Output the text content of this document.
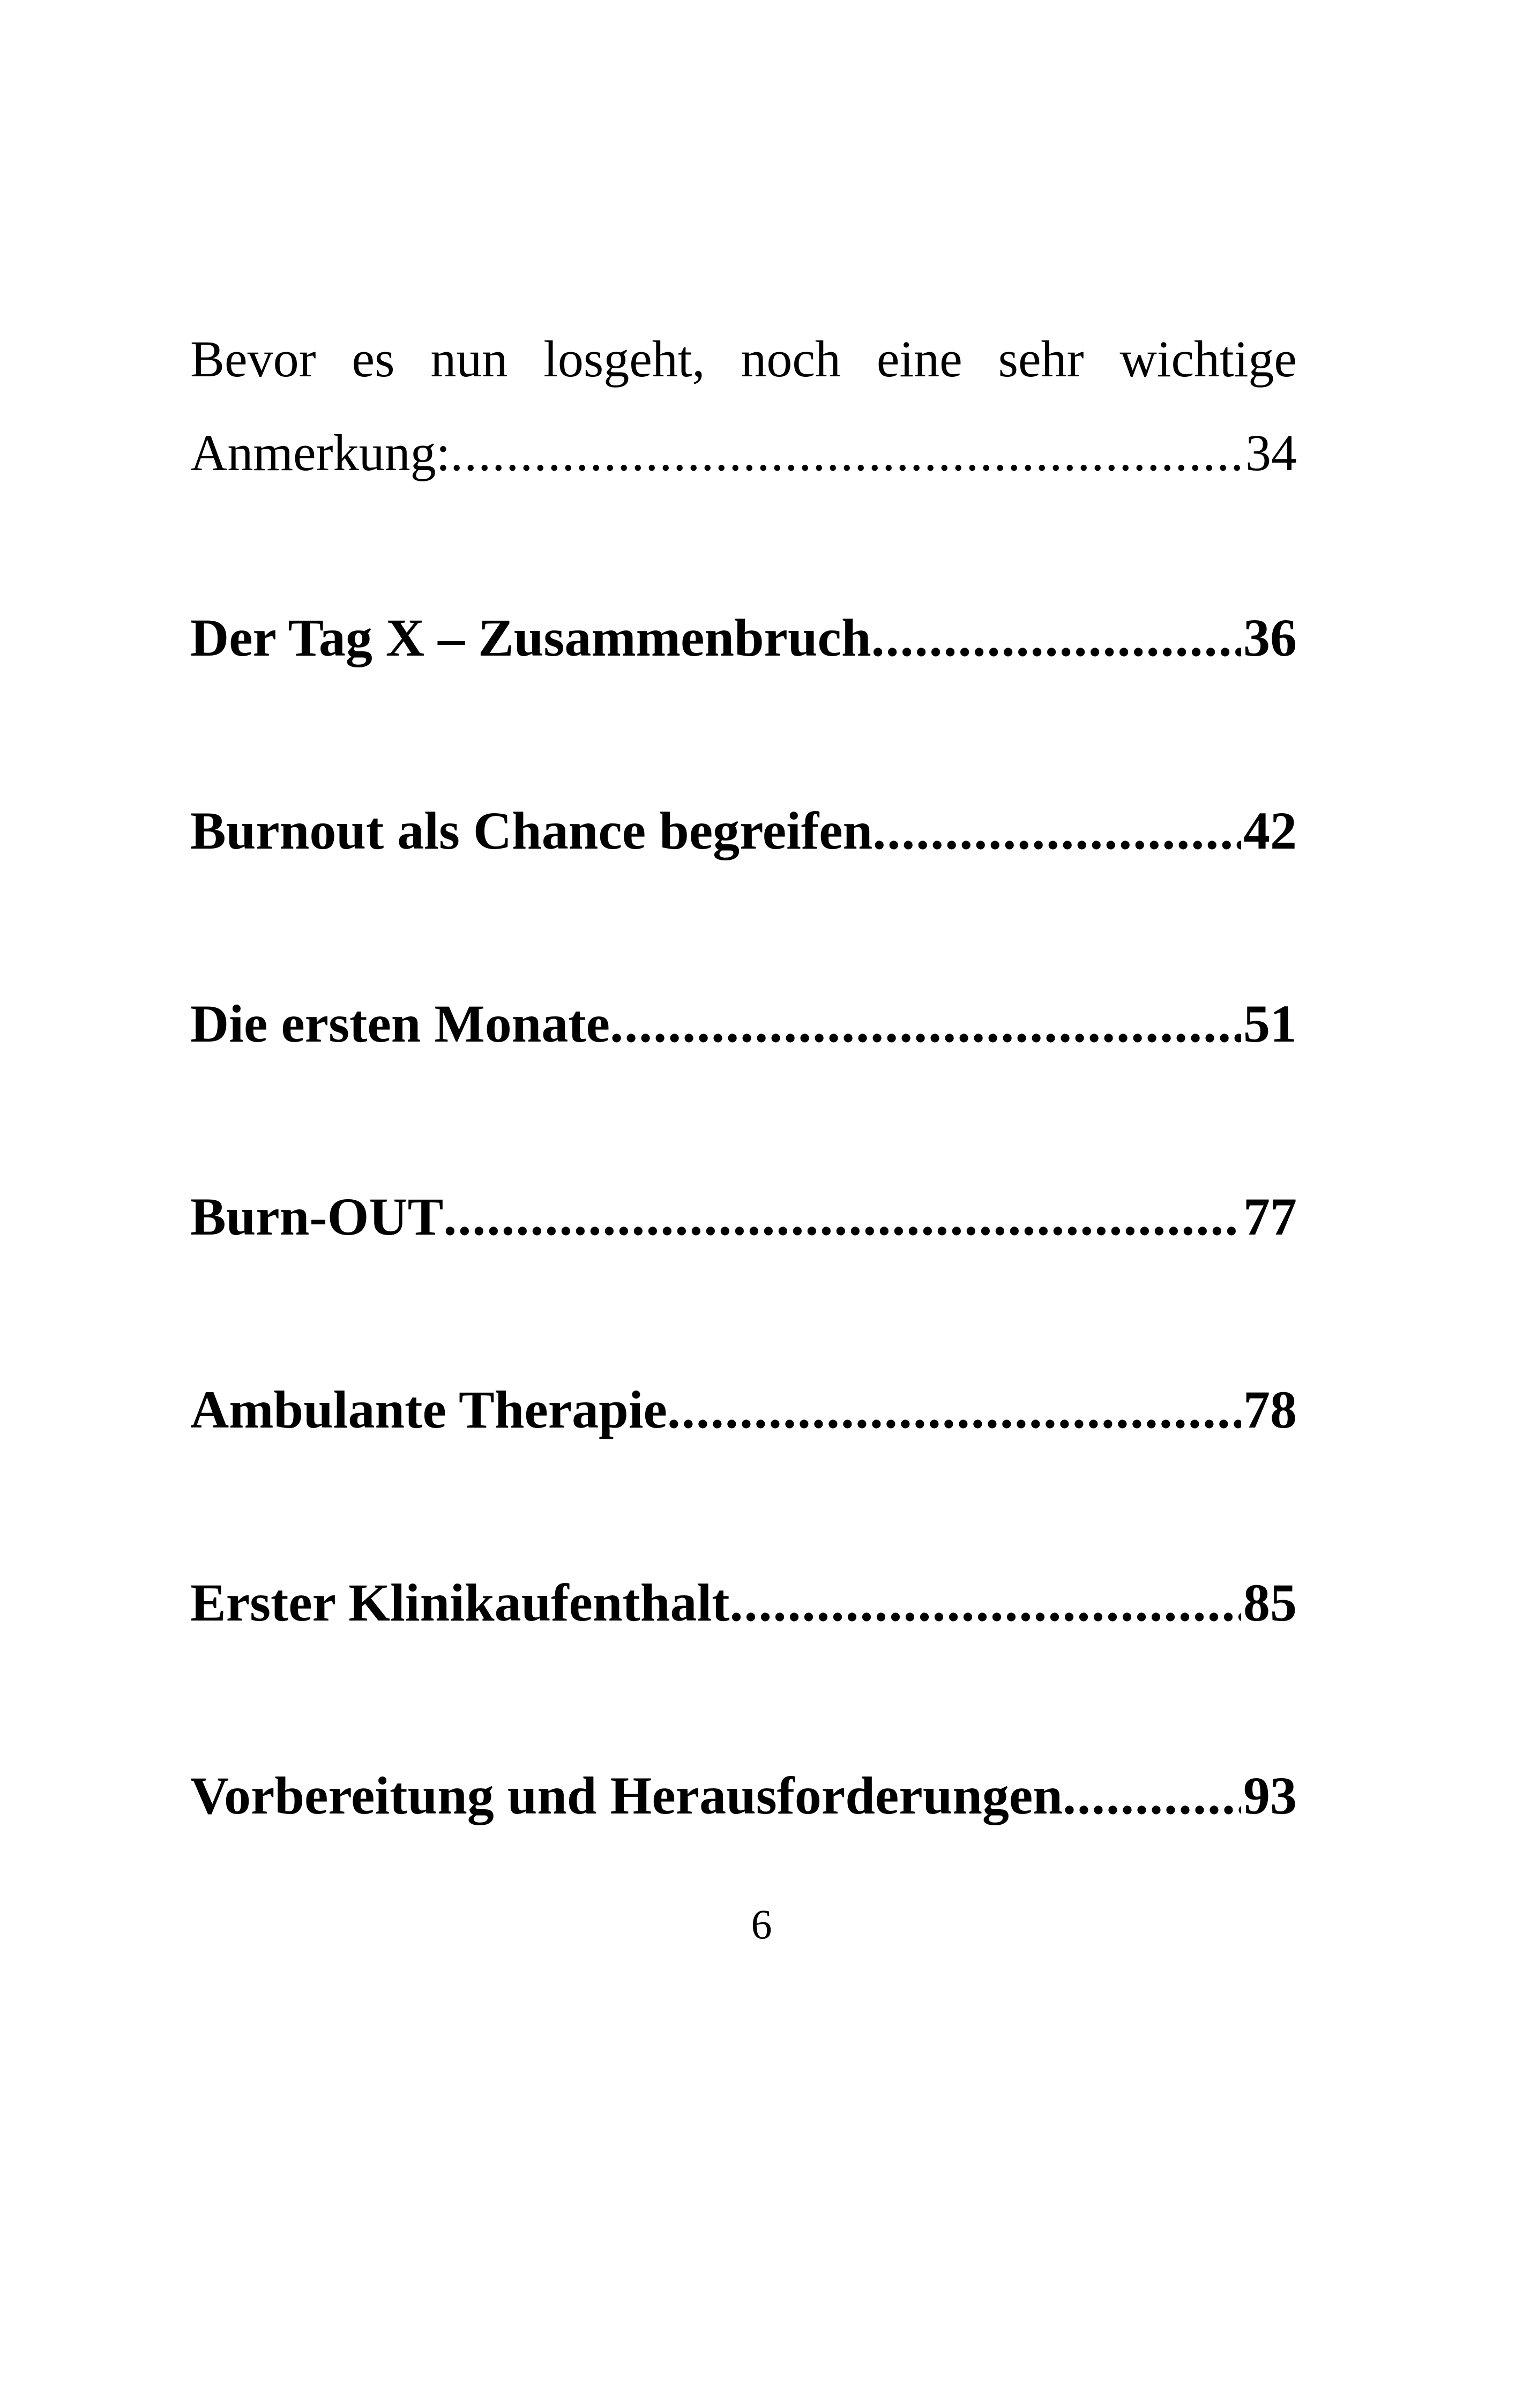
Bevor es nun losgeht, noch eine sehr wichtige
Anmerkung: .....	34
Der Tag X – Zusammenbruch .....	36
Burnout als Chance begreifen .....	42
Die ersten Monate .....	51
Burn-OUT .....	77
Ambulante Therapie .....	78
Erster Klinikaufenthalt .....	85
Vorbereitung und Herausforderungen .....	93
6
